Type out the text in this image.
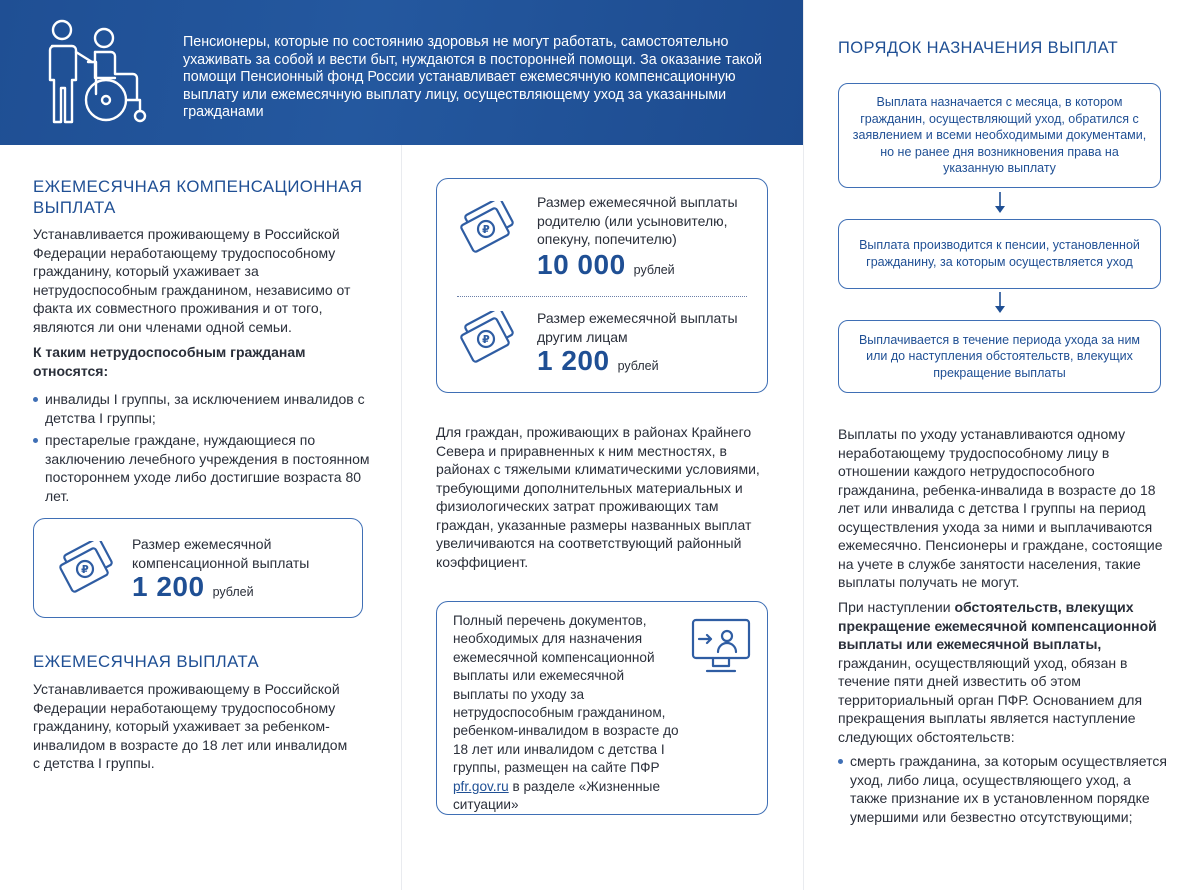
Пенсионеры, которые по состоянию здоровья не могут работать, самостоятельно ухаживать за собой и вести быт, нуждаются в посторонней помощи. За оказание такой помощи Пенсионный фонд России устанавливает ежемесячную компенсационную выплату или ежемесячную выплату лицу, осуществляющему уход за указанными гражданами
ЕЖЕМЕСЯЧНАЯ КОМПЕНСАЦИОННАЯ ВЫПЛАТА

Устанавливается проживающему в Российской Федерации неработающему трудоспособному гражданину, который ухаживает за нетрудоспособным гражданином, независимо от факта их совместного проживания и от того, являются ли они членами одной семьи.

К таким нетрудоспособным гражданам относятся:

инвалиды I группы, за исключением инвалидов с детства I группы;
престарелые граждане, нуждающиеся по заключению лечебного учреждения в постоянном постороннем уходе либо достигшие возраста 80 лет.
₽
Размер ежемесячной компенсационной выплаты
1 200 рублей
ЕЖЕМЕСЯЧНАЯ ВЫПЛАТА

Устанавливается проживающему в Российской Федерации неработающему трудоспособному гражданину, который ухаживает за ребенком-инвалидом в возрасте до 18 лет или инвалидом с детства I группы.

₽
Размер ежемесячной выплаты родителю (или усыновителю, опекуну, попечителю)
10 000 рублей
₽
Размер ежемесячной выплаты другим лицам
1 200 рублей

Для граждан, проживающих в районах Крайнего Севера и приравненных к ним местностях, в районах с тяжелыми климатическими условиями, требующими дополнительных материальных и физиологических затрат проживающих там граждан, указанные размеры названных выплат увеличиваются на соответствующий районный коэффициент.

Полный перечень документов, необходимых для назначения ежемесячной компенсационной выплаты или ежемесячной выплаты по уходу за нетрудоспособным гражданином, ребенком-инвалидом в возрасте до 18 лет или инвалидом с детства I группы, размещен на сайте ПФР pfr.gov.ru в разделе «Жизненные ситуации»

ПОРЯДОК НАЗНАЧЕНИЯ ВЫПЛАТ
Выплата назначается с месяца, в котором гражданин, осуществляющий уход, обратился с заявлением и всеми необходимыми документами, но не ранее дня возникновения права на указанную выплату
Выплата производится к пенсии, установленной гражданину, за которым осуществляется уход
Выплачивается в течение периода ухода за ним или до наступления обстоятельств, влекущих прекращение выплаты

Выплаты по уходу устанавливаются одному неработающему трудоспособному лицу в отношении каждого нетрудоспособного гражданина, ребенка-инвалида в возрасте до 18 лет или инвалида с детства I группы на период осуществления ухода за ними и выплачиваются ежемесячно. Пенсионеры и граждане, состоящие на учете в службе занятости населения, такие выплаты получать не могут.

При наступлении обстоятельств, влекущих прекращение ежемесячной компенсационной выплаты или ежемесячной выплаты, гражданин, осуществляющий уход, обязан в течение пяти дней известить об этом территориальный орган ПФР. Основанием для прекращения выплаты является наступление следующих обстоятельств:

смерть гражданина, за которым осуществляется уход, либо лица, осуществляющего уход, а также признание их в установленном порядке умершими или безвестно отсутствующими;
